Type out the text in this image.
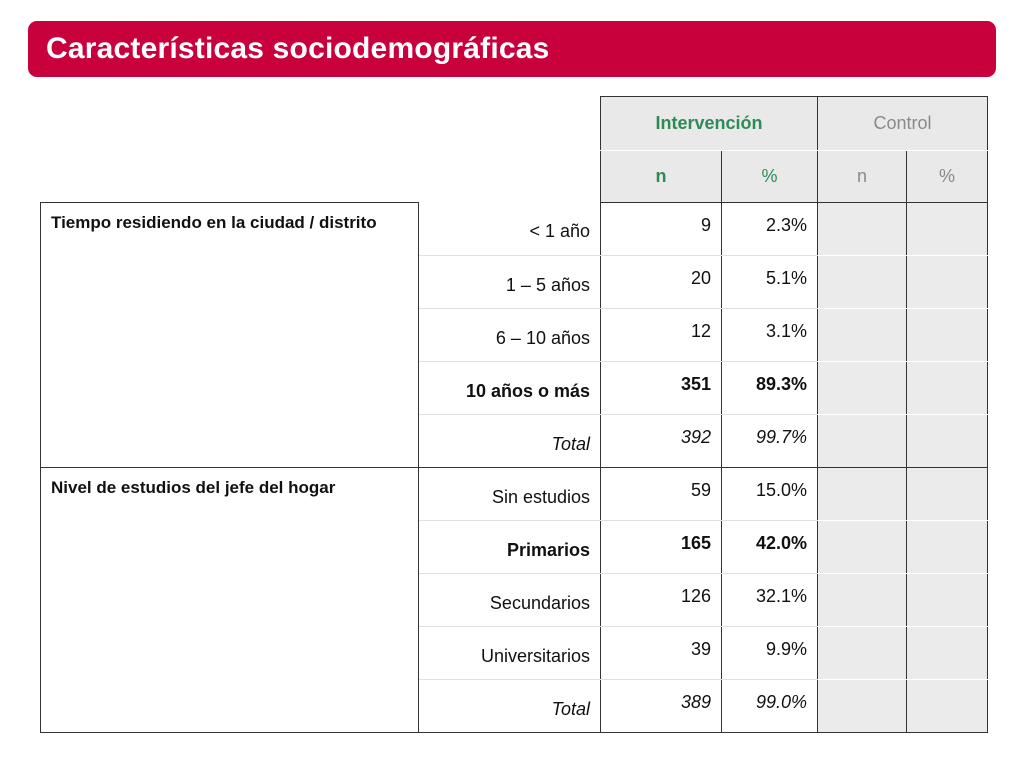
Características sociodemográficas
		Intervención		Control	
		n	%	n	%
Tiempo residiendo en la ciudad / distrito	< 1 año	9	2.3%		
	1 – 5 años	20	5.1%		
	6 – 10 años	12	3.1%		
	10 años o más	351	89.3%		
	Total	392	99.7%		
Nivel de estudios del jefe del hogar	Sin estudios	59	15.0%		
	Primarios	165	42.0%		
	Secundarios	126	32.1%		
	Universitarios	39	9.9%		
	Total	389	99.0%		
